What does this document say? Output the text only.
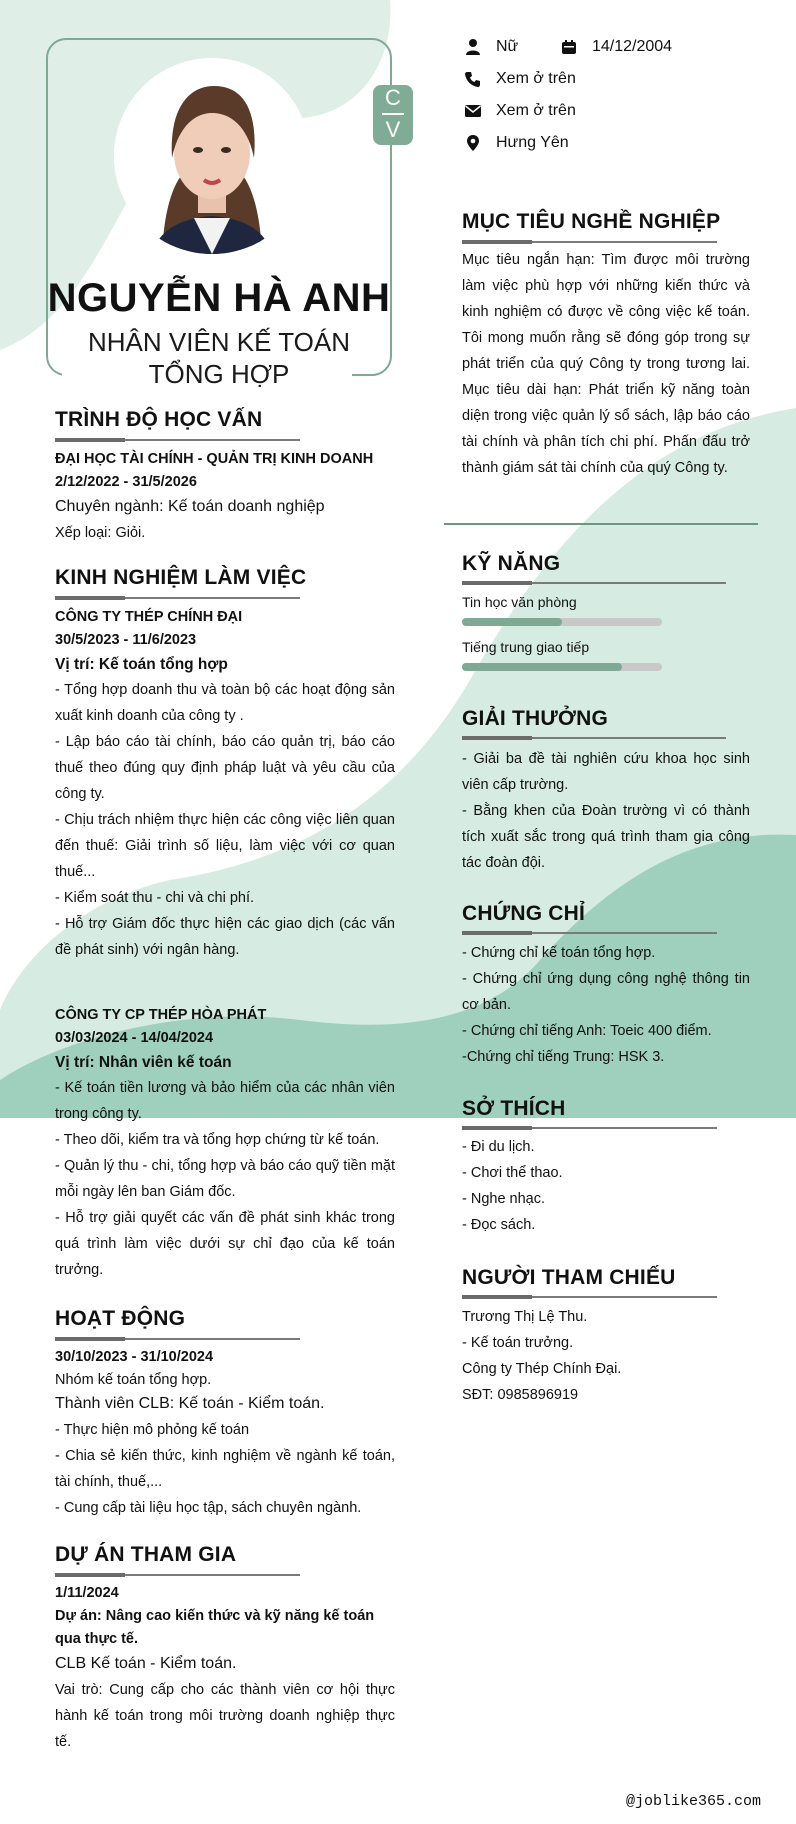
C
V
NGUYỄN HÀ ANH
NHÂN VIÊN KẾ TOÁN
TỔNG HỢP
Nữ	14/12/2004
Xem ở trên
Xem ở trên
Hưng Yên
TRÌNH ĐỘ HỌC VẤN
ĐẠI HỌC TÀI CHÍNH - QUẢN TRỊ KINH DOANH
2/12/2022 - 31/5/2026
Chuyên ngành: Kế toán doanh nghiệp
Xếp loại: Giỏi.
KINH NGHIỆM LÀM VIỆC
CÔNG TY THÉP CHÍNH ĐẠI
30/5/2023 - 11/6/2023
Vị trí: Kế toán tổng hợp
- Tổng hợp doanh thu và toàn bộ các hoạt động sản xuất kinh doanh của công ty .
- Lập báo cáo tài chính, báo cáo quản trị, báo cáo thuế theo đúng quy định pháp luật và yêu cầu của công ty.
- Chịu trách nhiệm thực hiện các công việc liên quan đến thuế: Giải trình số liệu, làm việc với cơ quan thuế...
- Kiểm soát thu - chi và chi phí.
- Hỗ trợ Giám đốc thực hiện các giao dịch (các vấn đề phát sinh) với ngân hàng.
CÔNG TY CP THÉP HÒA PHÁT
03/03/2024 - 14/04/2024
Vị trí: Nhân viên kế toán
- Kế toán tiền lương và bảo hiểm của các nhân viên trong công ty.
- Theo dõi, kiểm tra và tổng hợp chứng từ kế toán.
- Quản lý thu - chi, tổng hợp và báo cáo quỹ tiền mặt mỗi ngày lên ban Giám đốc.
- Hỗ trợ giải quyết các vấn đề phát sinh khác trong quá trình làm việc dưới sự chỉ đạo của kế toán trưởng.
HOẠT ĐỘNG
30/10/2023 - 31/10/2024
Nhóm kế toán tổng hợp.
Thành viên CLB: Kế toán - Kiểm toán.
- Thực hiện mô phỏng kế toán
- Chia sẻ kiến thức, kinh nghiệm về ngành kế toán, tài chính, thuế,...
- Cung cấp tài liệu học tập, sách chuyên ngành.
DỰ ÁN THAM GIA
1/11/2024
Dự án: Nâng cao kiến thức và kỹ năng kế toán qua thực tế.
CLB Kế toán - Kiểm toán.
Vai trò: Cung cấp cho các thành viên cơ hội thực hành kế toán trong môi trường doanh nghiệp thực tế.
MỤC TIÊU NGHỀ NGHIỆP
Mục tiêu ngắn hạn: Tìm được môi trường làm việc phù hợp với những kiến thức và kinh nghiệm có được về công việc kế toán. Tôi mong muốn rằng sẽ đóng góp trong sự phát triển của quý Công ty trong tương lai. Mục tiêu dài hạn: Phát triển kỹ năng toàn diện trong việc quản lý sổ sách, lập báo cáo tài chính và phân tích chi phí. Phấn đấu trở thành giám sát tài chính của quý Công ty.
KỸ NĂNG
Tin học văn phòng
Tiếng trung giao tiếp
GIẢI THƯỞNG
- Giải ba đề tài nghiên cứu khoa học sinh viên cấp trường.
- Bằng khen của Đoàn trường vì có thành tích xuất sắc trong quá trình tham gia công tác đoàn đội.
CHỨNG CHỈ
- Chứng chỉ kế toán tổng hợp.
- Chứng chỉ ứng dụng công nghệ thông tin cơ bản.
- Chứng chỉ tiếng Anh: Toeic 400 điểm.
-Chứng chỉ tiếng Trung: HSK 3.
SỞ THÍCH
- Đi du lịch.
- Chơi thể thao.
- Nghe nhạc.
- Đọc sách.
NGƯỜI THAM CHIẾU
Trương Thị Lệ Thu.
- Kế toán trưởng.
Công ty Thép Chính Đại.
SĐT: 0985896919
@joblike365.com
